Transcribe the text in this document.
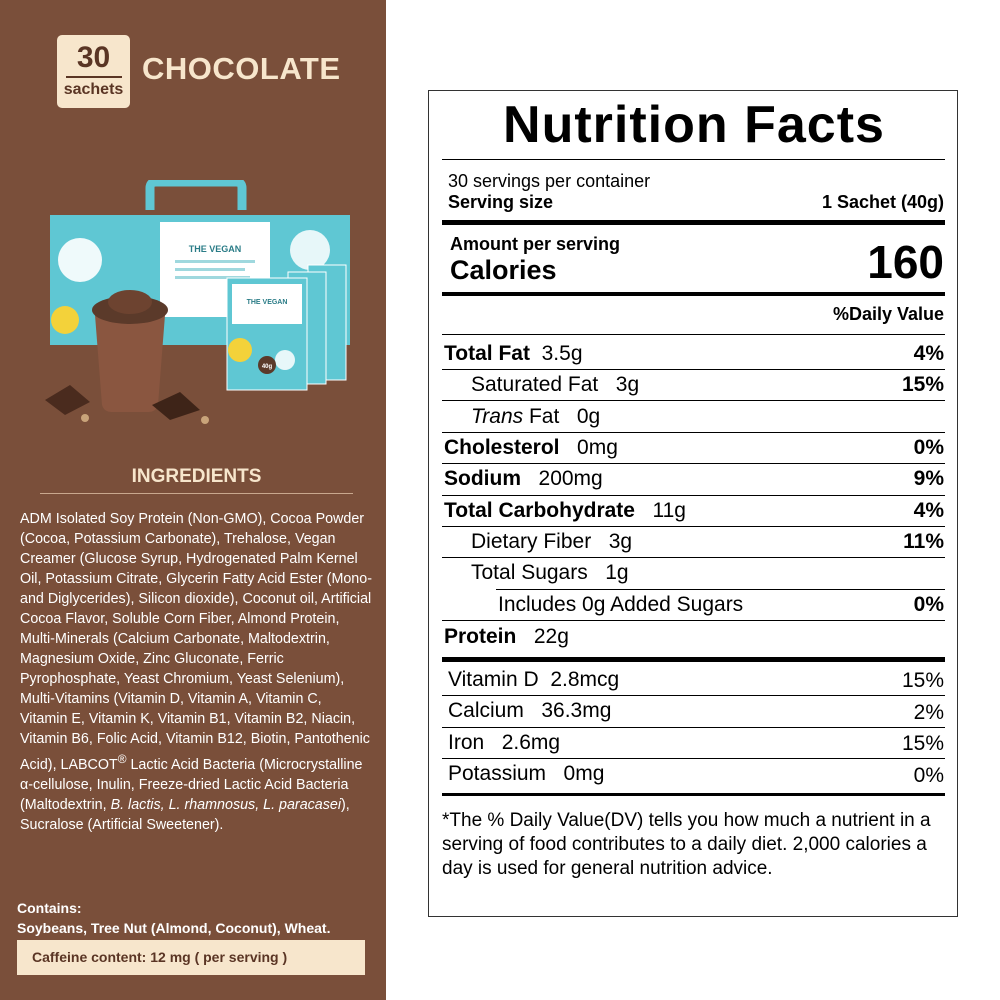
30
sachets
CHOCOLATE
THE VEGAN
THE VEGAN
40g
INGREDIENTS
ADM Isolated Soy Protein (Non-GMO), Cocoa Powder (Cocoa, Potassium Carbonate), Trehalose, Vegan Creamer (Glucose Syrup, Hydrogenated Palm Kernel Oil, Potassium Citrate, Glycerin Fatty Acid Ester (Mono-and Diglycerides), Silicon dioxide), Coconut oil, Artificial Cocoa Flavor, Soluble Corn Fiber, Almond Protein, Multi-Minerals (Calcium Carbonate, Maltodextrin, Magnesium Oxide, Zinc Gluconate, Ferric Pyrophosphate, Yeast Chromium, Yeast Selenium), Multi-Vitamins (Vitamin D, Vitamin A, Vitamin C, Vitamin E, Vitamin K, Vitamin B1, Vitamin B2, Niacin, Vitamin B6, Folic Acid, Vitamin B12, Biotin, Pantothenic Acid), LABCOT® Lactic Acid Bacteria (Microcrystalline α-cellulose, Inulin, Freeze-dried Lactic Acid Bacteria (Maltodextrin, B. lactis, L. rhamnosus, L. paracasei), Sucralose (Artificial Sweetener).
Contains:
Soybeans, Tree Nut (Almond, Coconut), Wheat.
Caffeine content: 12 mg ( per serving )
Nutrition Facts
30 servings per container
Serving size	1 Sachet (40g)
Amount per serving
Calories	160
%Daily Value
Total Fat 3.5g	4%
Saturated Fat 3g	15%
Trans Fat 0g
Cholesterol 0mg	0%
Sodium 200mg	9%
Total Carbohydrate 11g	4%
Dietary Fiber 3g	11%
Total Sugars 1g
Includes 0g Added Sugars	0%
Protein 22g
Vitamin D  2.8mcg	15%
Calcium   36.3mg	2%
Iron   2.6mg	15%
Potassium   0mg	0%
*The % Daily Value(DV) tells you how much a nutrient in a serving of food contributes to a daily diet. 2,000 calories a day is used for general nutrition advice.
